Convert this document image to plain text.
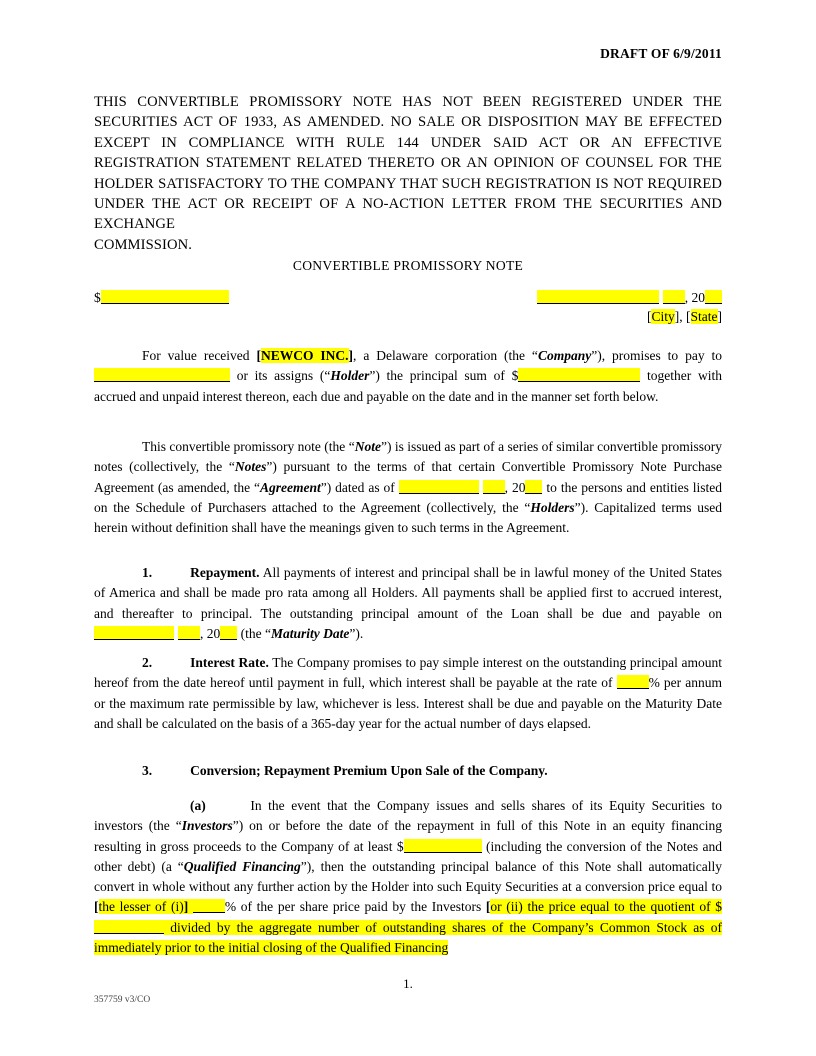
DRAFT OF 6/9/2011
THIS CONVERTIBLE PROMISSORY NOTE HAS NOT BEEN REGISTERED UNDER THE SECURITIES ACT OF 1933, AS AMENDED. NO SALE OR DISPOSITION MAY BE EFFECTED EXCEPT IN COMPLIANCE WITH RULE 144 UNDER SAID ACT OR AN EFFECTIVE REGISTRATION STATEMENT RELATED THERETO OR AN OPINION OF COUNSEL FOR THE HOLDER SATISFACTORY TO THE COMPANY THAT SUCH REGISTRATION IS NOT REQUIRED UNDER THE ACT OR RECEIPT OF A NO-ACTION LETTER FROM THE SECURITIES AND EXCHANGE
COMMISSION.
CONVERTIBLE PROMISSORY NOTE
$	, 20
[City], [State]

For value received [NEWCO INC.], a Delaware corporation (the “Company”), promises to pay to  or its assigns (“Holder”) the principal sum of $	together with accrued and unpaid interest thereon, each due and payable on the date and in the manner set forth below.

This convertible promissory note (the “Note”) is issued as part of a series of similar convertible promissory notes (collectively, the “Notes”) pursuant to the terms of that certain Convertible Promissory Note Purchase Agreement (as amended, the “Agreement”) dated as of	, 20 to the persons and entities listed on the Schedule of Purchasers attached to the Agreement (collectively, the “Holders”). Capitalized terms used herein without definition shall have the meanings given to such terms in the Agreement.

1.	Repayment. All payments of interest and principal shall be in lawful money of the United States of America and shall be made pro rata among all Holders. All payments shall be applied first to accrued interest, and thereafter to principal. The outstanding principal amount of the Loan shall be due and payable on , 20 (the “Maturity Date”).

2.	Interest Rate. The Company promises to pay simple interest on the outstanding principal amount hereof from the date hereof until payment in full, which interest shall be payable at the rate of % per annum or the maximum rate permissible by law, whichever is less. Interest shall be due and payable on the Maturity Date and shall be calculated on the basis of a 365-day year for the actual number of days elapsed.

3.	Conversion; Repayment Premium Upon Sale of the Company.

(a)	In the event that the Company issues and sells shares of its Equity Securities to investors (the “Investors”) on or before the date of the repayment in full of this Note in an equity financing resulting in gross proceeds to the Company of at least $	(including the conversion of the Notes and other debt) (a “Qualified Financing”), then the outstanding principal balance of this Note shall automatically convert in whole without any further action by the Holder into such Equity Securities at a conversion price equal to [the lesser of (i)]	% of the per share price paid by the Investors [or (ii) the price equal to the quotient of $ divided by the aggregate number of outstanding shares of the Company’s Common Stock as of immediately prior to the initial closing of the Qualified Financing

1.
357759 v3/CO
